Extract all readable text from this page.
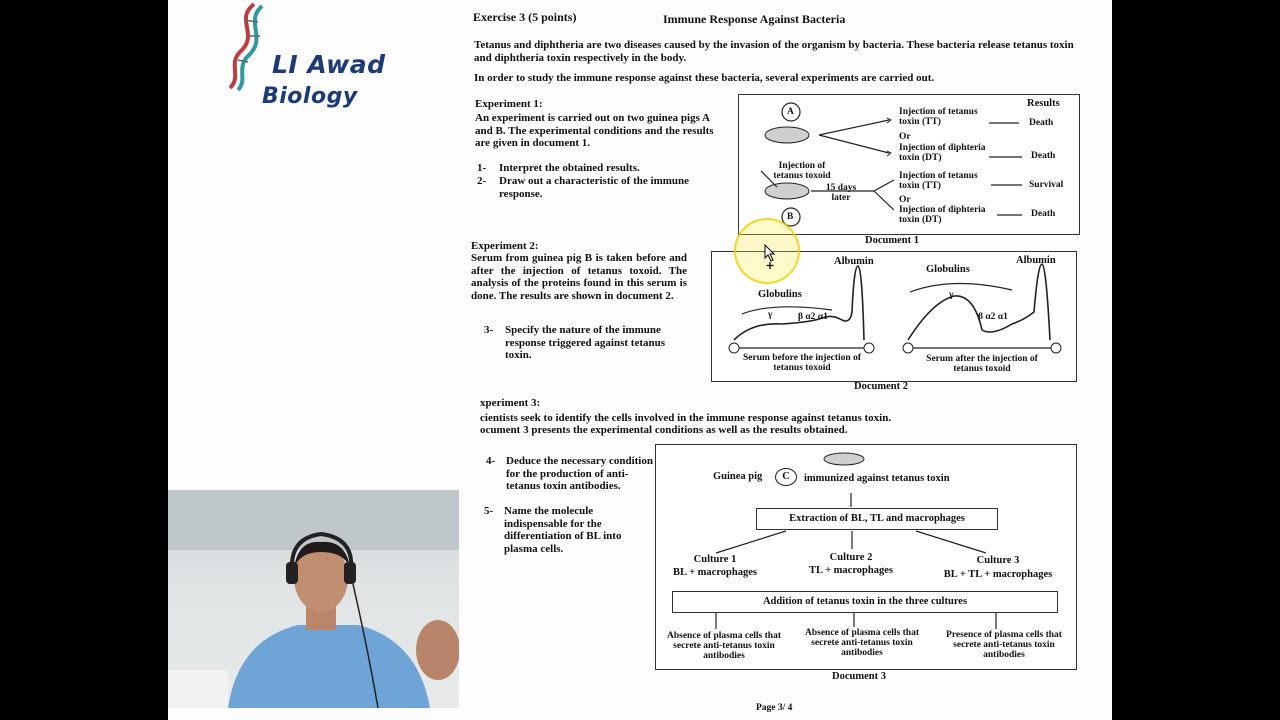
LI Awad
Biology
Exercise 3 (5 points)	Immune Response Against Bacteria
Tetanus and diphtheria are two diseases caused by the invasion of the organism by bacteria. These bacteria release tetanus toxin and diphtheria toxin respectively in the body.
In order to study the immune response against these bacteria, several experiments are carried out.
Experiment 1:
An experiment is carried out on two guinea pigs A and B. The experimental conditions and the results are given in document 1.
1- Interpret the obtained results.
2- Draw out a characteristic of the immune response.
Results
A
B
Injection of tetanus toxoid
15 days later
Injection of tetanus toxin (TT)
Or
Injection of diphteria toxin (DT)
Death
Death
Injection of tetanus toxin (TT)
Or
Injection of diphteria toxin (DT)
Survival
Death
Document 1
Experiment 2:
Serum from guinea pig B is taken before and after the injection of tetanus toxoid. The analysis of the proteins found in this serum is done. The results are shown in document 2.
3- Specify the nature of the immune response triggered against tetanus toxin.
Albumin
Globulins
γ	β α2 α1
Albumin
Globulins
γ
β α2 α1
Serum before the injection of tetanus toxoid
Serum after the injection of tetanus toxoid
Document 2
xperiment 3:
cientists seek to identify the cells involved in the immune response against tetanus toxin.
ocument 3 presents the experimental conditions as well as the results obtained.
4- Deduce the necessary condition for the production of anti- tetanus toxin antibodies.
5- Name the molecule indispensable for the differentiation of BL into plasma cells.
Guinea pig	C	immunized against tetanus toxin
Extraction of BL, TL and macrophages
Culture 1
BL + macrophages
Culture 2
TL + macrophages
Culture 3
BL + TL + macrophages
Addition of tetanus toxin in the three cultures
Absence of plasma cells that secrete anti-tetanus toxin antibodies
Absence of plasma cells that secrete anti-tetanus toxin antibodies
Presence of plasma cells that secrete anti-tetanus toxin antibodies
Document 3
Page 3/ 4
